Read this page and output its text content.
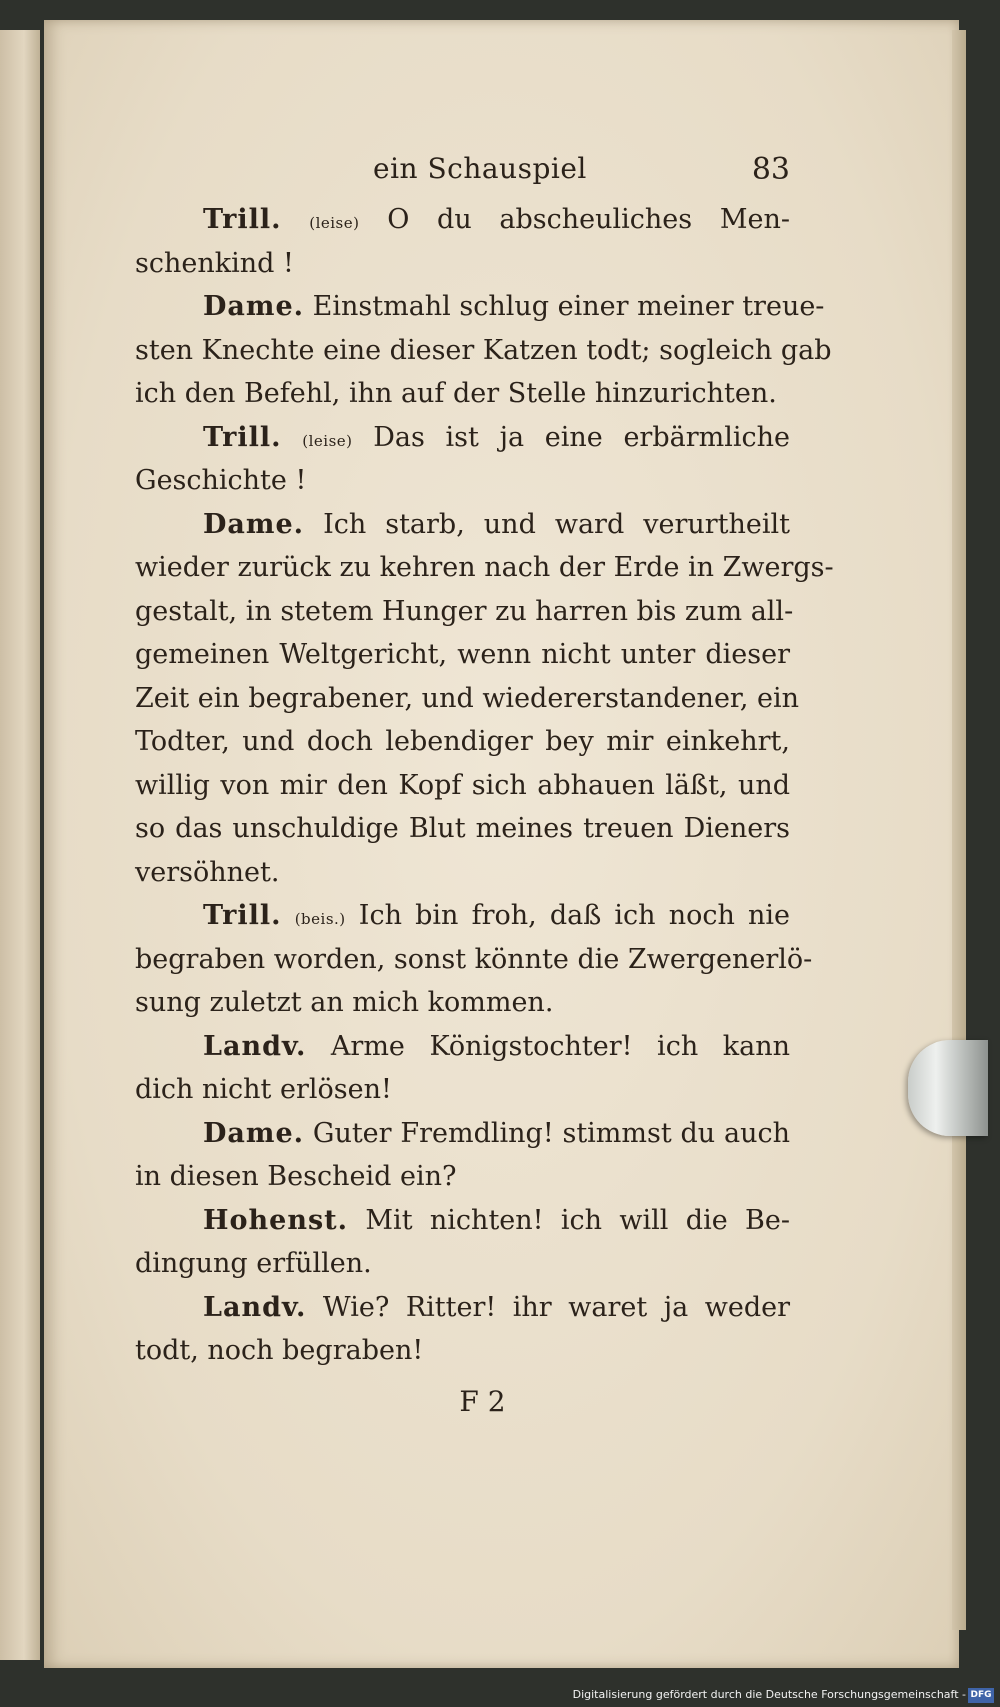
ein Schauspiel	83
Trill. (leise) O du abscheuliches Men-
schenkind !
Dame. Einstmahl schlug einer meiner treue-
sten Knechte eine dieser Katzen todt; sogleich gab
ich den Befehl, ihn auf der Stelle hinzurichten.
Trill. (leise) Das ist ja eine erbärmliche
Geschichte !
Dame. Ich starb, und ward verurtheilt
wieder zurück zu kehren nach der Erde in Zwergs-
gestalt, in stetem Hunger zu harren bis zum all-
gemeinen Weltgericht, wenn nicht unter dieser
Zeit ein begrabener, und wiedererstandener, ein
Todter, und doch lebendiger bey mir einkehrt,
willig von mir den Kopf sich abhauen läßt, und
so das unschuldige Blut meines treuen Dieners
versöhnet.
Trill. (beis.) Ich bin froh, daß ich noch nie
begraben worden, sonst könnte die Zwergenerlö-
sung zuletzt an mich kommen.
Landv. Arme Königstochter! ich kann
dich nicht erlösen!
Dame. Guter Fremdling! stimmst du auch
in diesen Bescheid ein?
Hohenst. Mit nichten! ich will die Be-
dingung erfüllen.
Landv. Wie? Ritter! ihr waret ja weder
todt, noch begraben!
F 2
Digitalisierung gefördert durch die Deutsche Forschungsgemeinschaft - DFG
